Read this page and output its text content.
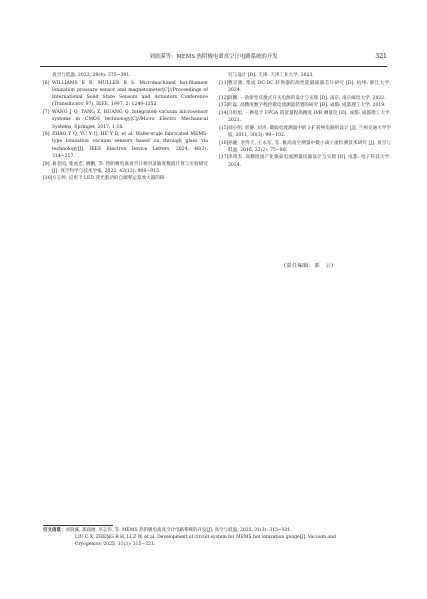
刘晨溪等：MEMS 热阴极电离真空计电路系统的开发	321
真空与低温, 2022, 28(4): 375−391.
[6] WILLIAMS K R, MULLER R S. Micromachined hot-filament ionization pressure sensor and magnetometer[C]//Proceedings of International Solid State Sensors and Actuators Conference (Transducers' 97). IEEE, 1997, 2: 1249-1252.
[7] WANG J Q, TANG Z, HUANG Q. Integrated vacuum microsensor systems in CMOS technology[C]//Micro Electro Mechanical Systems, Springer, 2017: 1-18.
[8] ZHAO Y Q, YU Y Q, HE Y D, et al. Wafer-scale fabricated MEMS-type ionization vacuum sensors based on through glass via technology[J]. IEEE Electron Device Letters, 2024, 46(2): 314−317.
[9] 葛金园, 张虎忠, 姚鹏, 等. 热阴极电离真空计相对灵敏度数值计算与实验研究[J]. 真空科学与技术学报, 2022, 42(12): 908−913.
[10] 方玉婷. 应用于 LED 背光驱动的自调零运算放大器的研
究与设计 [D]. 天津: 天津工业大学, 2023.
[11] 曹京源. 集成 DC-DC 转换器的高性能隔离器芯片研究 [D]. 杭州: 浙江大学, 2024.
[12] 薛鹏. 一款新型反激式开关电源的设计与实现 [D]. 南京: 南京邮电大学, 2022.
[13] 叶磊. 高精度数字程控微电流测量装置的研究 [D]. 成都: 成都理工大学, 2019.
[14] 马恒旭. 一种基于 FPGA 的宽量程高精度 IVR 测量仪 [D]. 成都: 成都理工大学, 2021.
[15] 刘小明, 彭静, 刘涛. 微弱电流测量中的 I-F 转换电路的设计 [J]. 兰州交通大学学报, 2011, 30(3): 99−102.
[16] 孙婕, 李得天, 王永军, 等. 极高真空测量中微小离子流检测技术研究 [J]. 真空与低温, 2016, 22(2): 75−80.
[17] 李禹杰. 高精度国产化微弱电流测量仪器设计与实现 [D]. 成都: 电子科技大学, 2024.
(责任编辑：郭　云)
引文信息：刘晨溪, 郑润涵, 李志伟, 等. MEMS 热阴极电离真空计电路系统的开发[J]. 真空与低温, 2025, 31(3): 315−321.
LIU C X, ZHENG R H, LI Z W, et al. Development of circuit system for MEMS hot ionization gauge[J]. Vacuum and
Cryogenics, 2025, 31(3): 315−321.
